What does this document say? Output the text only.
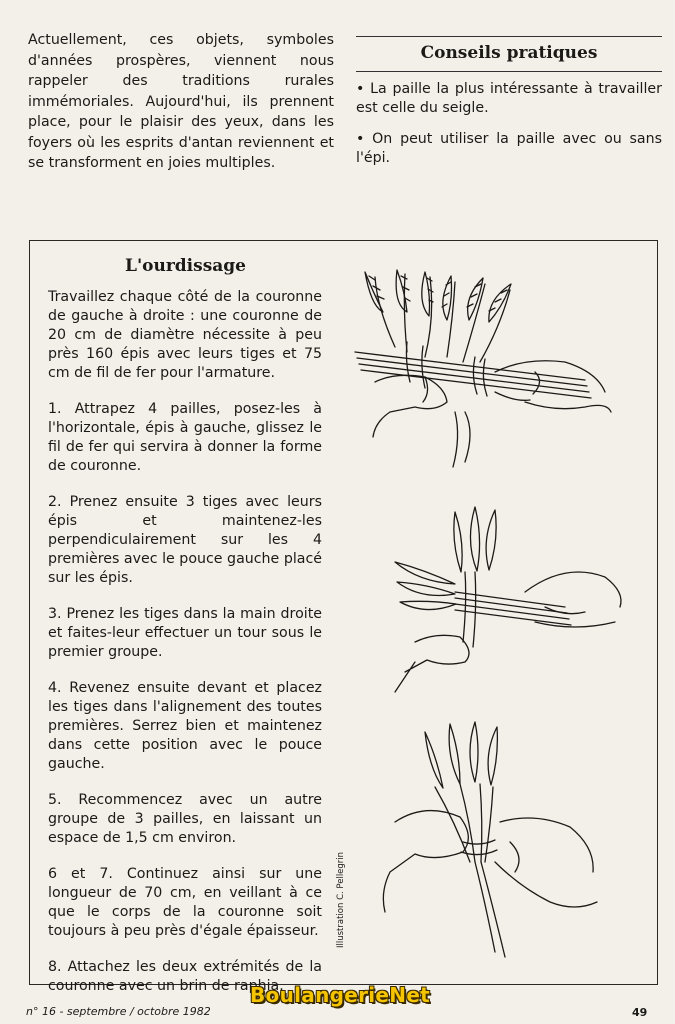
Actuellement, ces objets, symboles d'années prospères, viennent nous rappeler des traditions rurales immémoriales. Aujourd'hui, ils prennent place, pour le plaisir des yeux, dans les foyers où les esprits d'antan reviennent et se transforment en joies multiples.
Conseils pratiques

• La paille la plus intéressante à travailler est celle du seigle.

• On peut utiliser la paille avec ou sans l'épi.

L'ourdissage

Travaillez chaque côté de la couronne de gauche à droite : une couronne de 20 cm de diamètre nécessite à peu près 160 épis avec leurs tiges et 75 cm de fil de fer pour l'armature.

1. Attrapez 4 pailles, posez-les à l'horizontale, épis à gauche, glissez le fil de fer qui servira à donner la forme de couronne.

2. Prenez ensuite 3 tiges avec leurs épis et maintenez-les perpendiculairement sur les 4 premières avec le pouce gauche placé sur les épis.

3. Prenez les tiges dans la main droite et faites-leur effectuer un tour sous le premier groupe.

4. Revenez ensuite devant et placez les tiges dans l'alignement des toutes premières. Serrez bien et maintenez dans cette position avec le pouce gauche.

5. Recommencez avec un autre groupe de 3 pailles, en laissant un espace de 1,5 cm environ.

6 et 7. Continuez ainsi sur une longueur de 70 cm, en veillant à ce que le corps de la couronne soit toujours à peu près d'égale épaisseur.

8. Attachez les deux extrémités de la couronne avec un brin de raphia.

Illustration C. Pellegrin
n° 16 - septembre / octobre 1982
BoulangerieNet
49
